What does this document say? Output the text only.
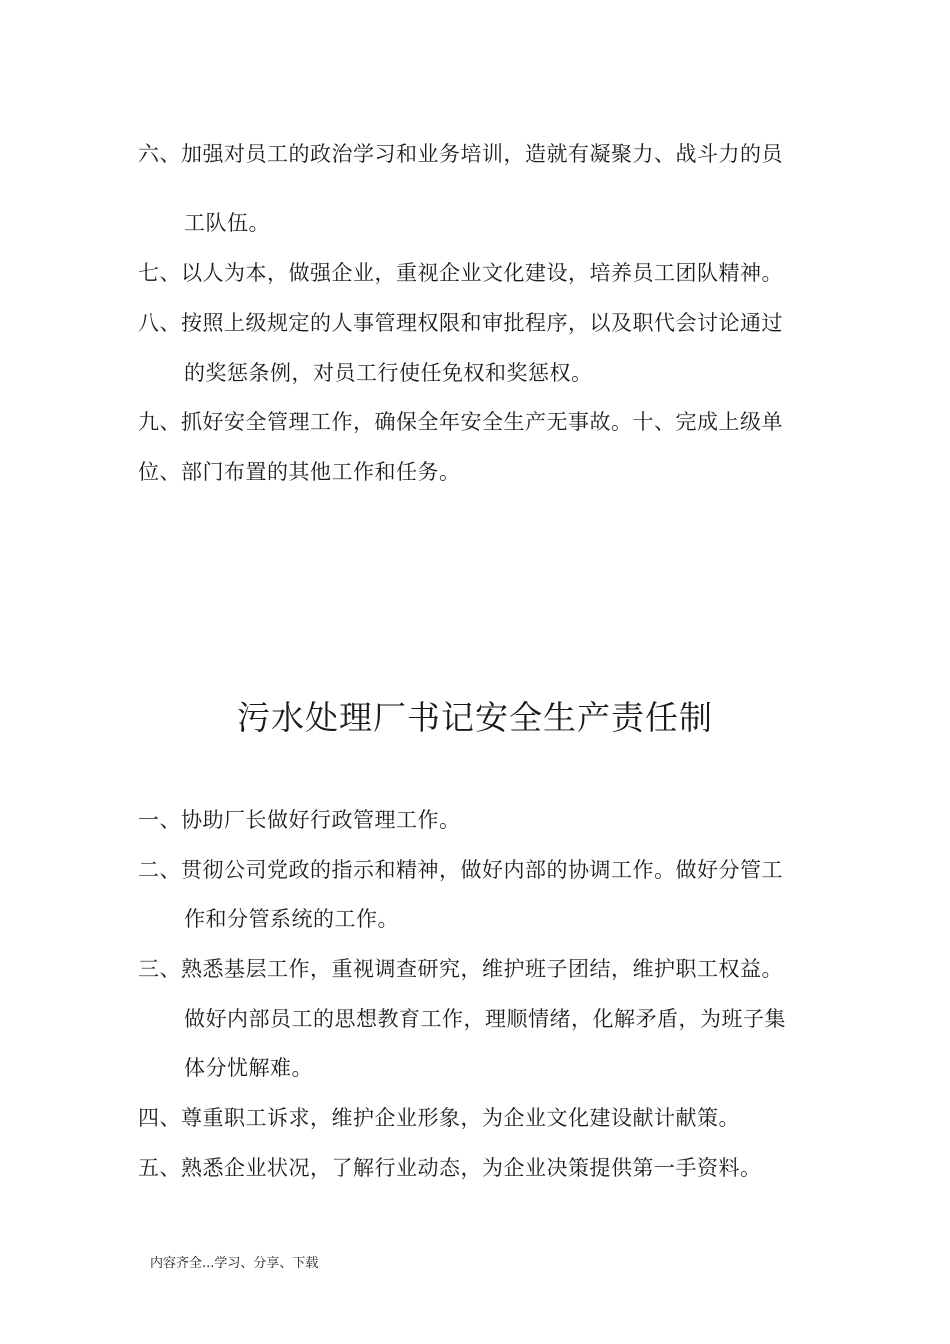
六、加强对员工的政治学习和业务培训，造就有凝聚力、战斗力的员
工队伍。
七、以人为本，做强企业，重视企业文化建设，培养员工团队精神。
八、按照上级规定的人事管理权限和审批程序，以及职代会讨论通过
的奖惩条例，对员工行使任免权和奖惩权。
九、抓好安全管理工作，确保全年安全生产无事故。十、完成上级单
位、部门布置的其他工作和任务。
污水处理厂书记安全生产责任制
一、协助厂长做好行政管理工作。
二、贯彻公司党政的指示和精神，做好内部的协调工作。做好分管工
作和分管系统的工作。
三、熟悉基层工作，重视调查研究，维护班子团结，维护职工权益。
做好内部员工的思想教育工作，理顺情绪，化解矛盾，为班子集
体分忧解难。
四、尊重职工诉求，维护企业形象，为企业文化建设献计献策。
五、熟悉企业状况，了解行业动态，为企业决策提供第一手资料。
内容齐全...学习、分享、下载
